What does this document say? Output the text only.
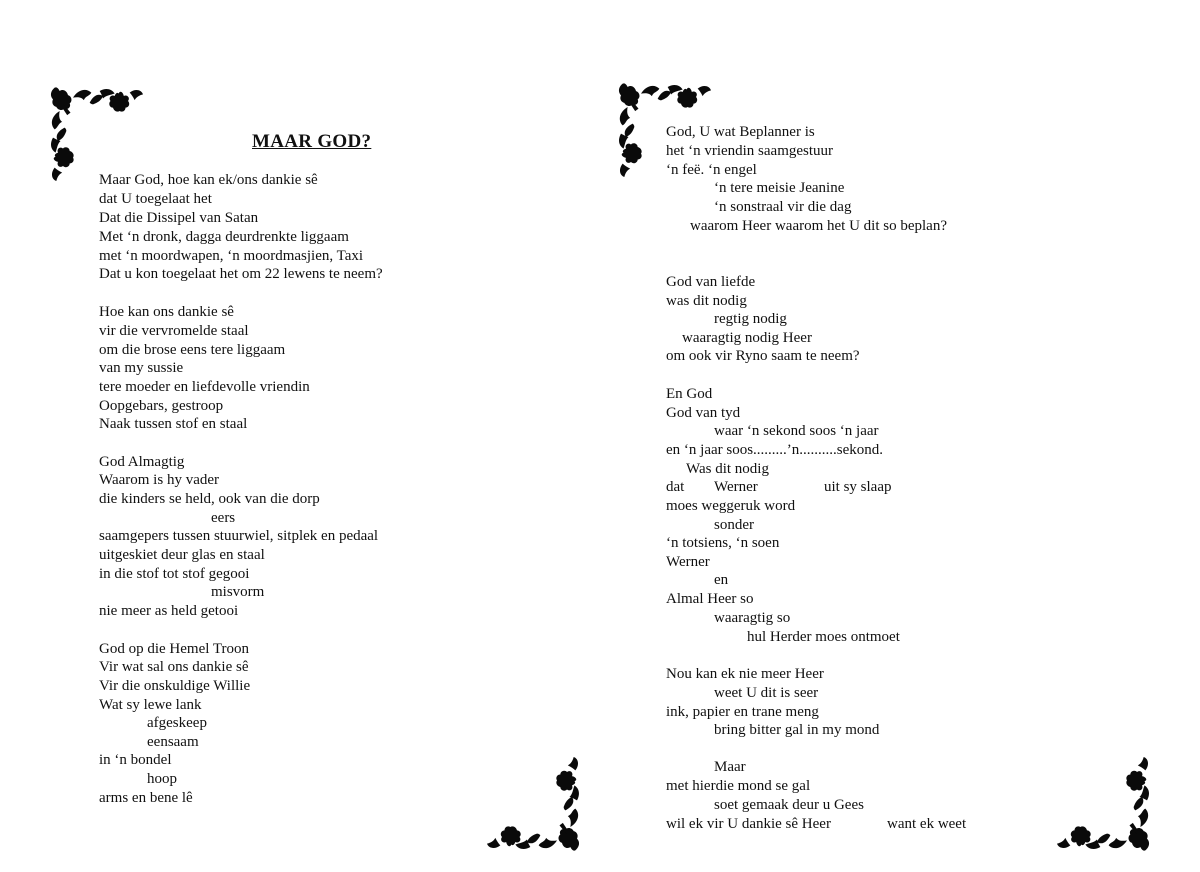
MAAR GOD?

Maar God, hoe kan ek/ons dankie sê

dat U toegelaat het

Dat die Dissipel van Satan

Met ‘n dronk, dagga deurdrenkte liggaam

met ‘n moordwapen, ‘n moordmasjien, Taxi

Dat u kon toegelaat het om 22 lewens te neem?

Hoe kan ons dankie sê

vir die vervromelde staal

om die brose eens tere liggaam

van my sussie

tere moeder en liefdevolle vriendin

Oopgebars, gestroop

Naak tussen stof en staal

God Almagtig

Waarom is hy vader

die kinders se held, ook van die dorp

eers

saamgepers tussen stuurwiel, sitplek en pedaal

uitgeskiet deur glas en staal

in die stof tot stof gegooi

misvorm

nie meer as held getooi

God op die Hemel Troon

Vir wat sal ons dankie sê

Vir die onskuldige Willie

Wat sy lewe lank

afgeskeep

eensaam

in ‘n bondel

hoop

arms en bene lê

God, U wat Beplanner is

het ‘n vriendin saamgestuur

‘n feë. ‘n engel

‘n tere meisie Jeanine

‘n sonstraal vir die dag

waarom Heer waarom het U dit so beplan?

God van liefde

was dit nodig

regtig nodig

waaragtig nodig Heer

om ook vir Ryno saam te neem?

En God

God van tyd

waar ‘n sekond soos ‘n jaar

en ‘n jaar soos.........’n..........sekond.

Was dit nodig

dat Werner	uit sy slaap

moes weggeruk word

sonder

‘n totsiens, ‘n soen

Werner

en

Almal Heer so

waaragtig so

hul Herder moes ontmoet

Nou kan ek nie meer Heer

weet U dit is seer

ink, papier en trane meng

bring bitter gal in my mond

Maar

met hierdie mond se gal

soet gemaak deur u Gees

wil ek vir U dankie sê Heer	want ek weet
